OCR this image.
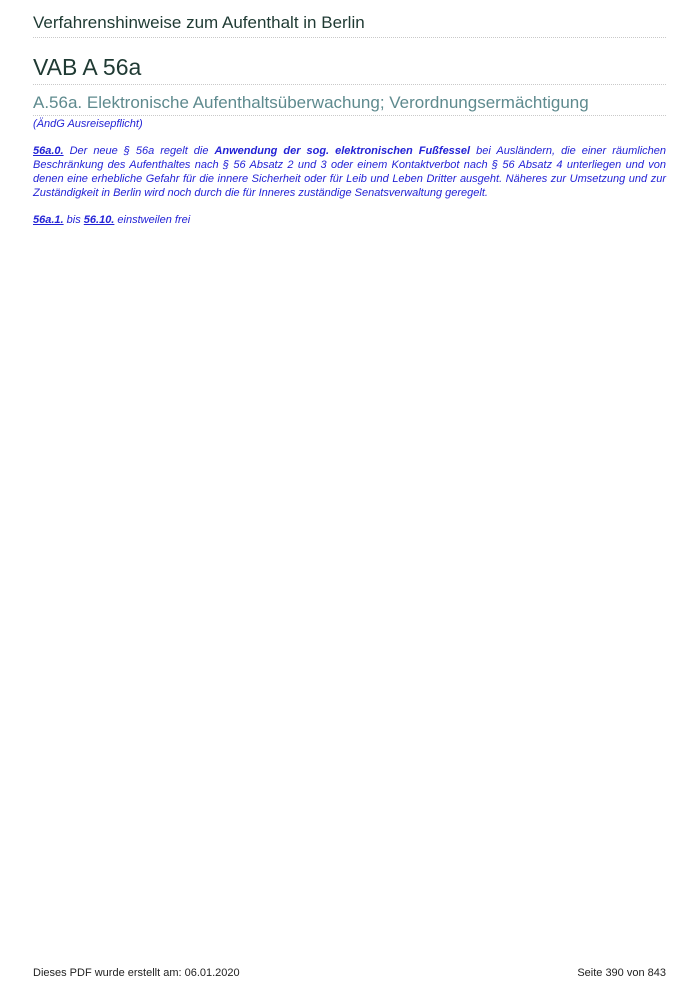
Verfahrenshinweise zum Aufenthalt in Berlin
VAB A 56a
A.56a. Elektronische Aufenthaltsüberwachung; Verordnungsermächtigung
(ÄndG Ausreisepflicht)
56a.0. Der neue § 56a regelt die Anwendung der sog. elektronischen Fußfessel bei Ausländern, die einer räumlichen Beschränkung des Aufenthaltes nach § 56 Absatz 2 und 3 oder einem Kontaktverbot nach § 56 Absatz 4 unterliegen und von denen eine erhebliche Gefahr für die innere Sicherheit oder für Leib und Leben Dritter ausgeht. Näheres zur Umsetzung und zur Zuständigkeit in Berlin wird noch durch die für Inneres zuständige Senatsverwaltung geregelt.
56a.1. bis 56.10. einstweilen frei
Dieses PDF wurde erstellt am: 06.01.2020	Seite 390 von 843
